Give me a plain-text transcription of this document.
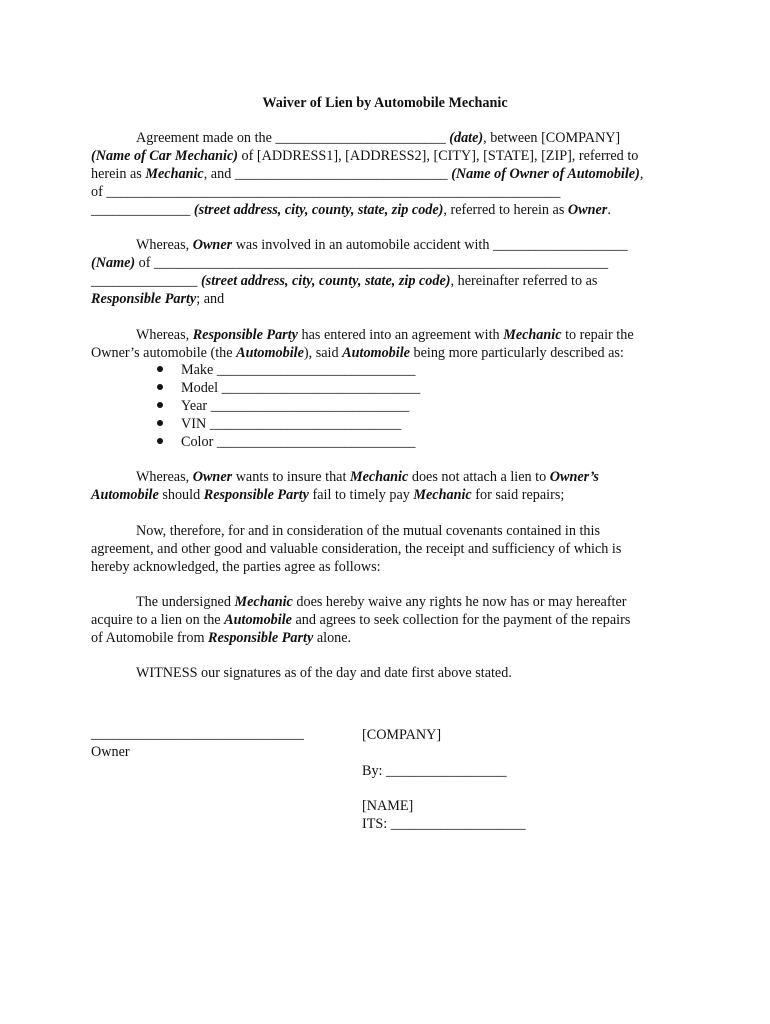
Waiver of Lien by Automobile Mechanic
Agreement made on the ________________________ (date), between [COMPANY]
(Name of Car Mechanic) of [ADDRESS1], [ADDRESS2], [CITY], [STATE], [ZIP], referred to
herein as Mechanic, and ______________________________ (Name of Owner of Automobile),
of ________________________________________________________________
______________ (street address, city, county, state, zip code), referred to herein as Owner.
Whereas, Owner was involved in an automobile accident with ___________________
(Name) of ________________________________________________________________
_______________ (street address, city, county, state, zip code), hereinafter referred to as
Responsible Party; and
Whereas, Responsible Party has entered into an agreement with Mechanic to repair the
Owner’s automobile (the Automobile), said Automobile being more particularly described as:
Make ____________________________
Model ____________________________
Year ____________________________
VIN ___________________________
Color ____________________________
Whereas, Owner wants to insure that Mechanic does not attach a lien to Owner’s
Automobile should Responsible Party fail to timely pay Mechanic for said repairs;
Now, therefore, for and in consideration of the mutual covenants contained in this
agreement, and other good and valuable consideration, the receipt and sufficiency of which is
hereby acknowledged, the parties agree as follows:
The undersigned Mechanic does hereby waive any rights he now has or may hereafter
acquire to a lien on the Automobile and agrees to seek collection for the payment of the repairs
of Automobile from Responsible Party alone.
WITNESS our signatures as of the day and date first above stated.
______________________________
Owner
[COMPANY]
By: _________________
[NAME]
ITS: ___________________
